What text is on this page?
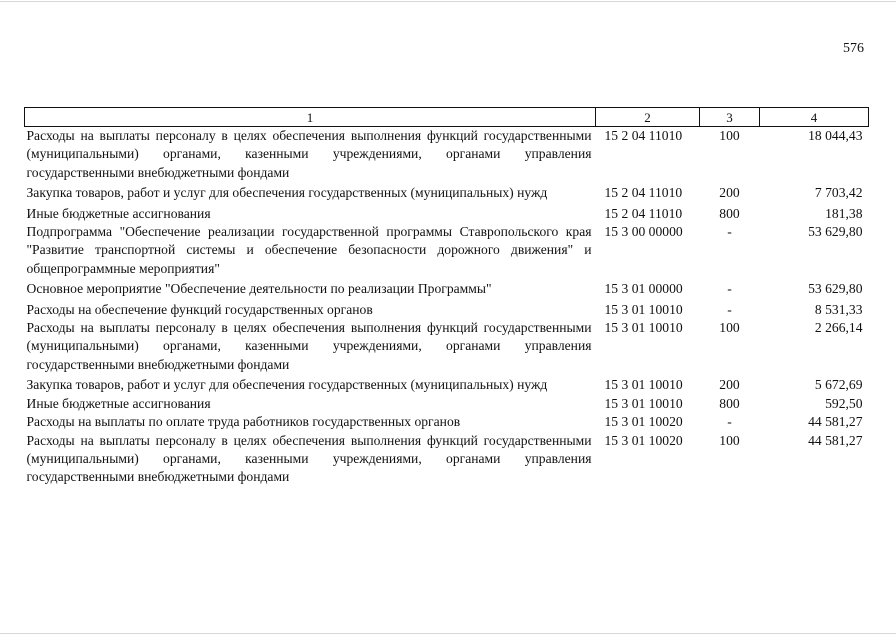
576
1	2	3	4
Расходы на выплаты персоналу в целях обеспечения выполнения функций государственными (муниципальными) органами, казенными учреждениями, органами управления государственными внебюджетными фондами	15 2 04 11010	100	18 044,43
Закупка товаров, работ и услуг для обеспечения государственных (муниципальных) нужд	15 2 04 11010	200	7 703,42
Иные бюджетные ассигнования	15 2 04 11010	800	181,38
Подпрограмма "Обеспечение реализации государственной программы Ставропольского края "Развитие транспортной системы и обеспечение безопасности дорожного движения" и общепрограммные мероприятия"	15 3 00 00000	-	53 629,80
Основное мероприятие "Обеспечение деятельности по реализации Программы"	15 3 01 00000	-	53 629,80
Расходы на обеспечение функций государственных органов	15 3 01 10010	-	8 531,33
Расходы на выплаты персоналу в целях обеспечения выполнения функций государственными (муниципальными) органами, казенными учреждениями, органами управления государственными внебюджетными фондами	15 3 01 10010	100	2 266,14
Закупка товаров, работ и услуг для обеспечения государственных (муниципальных) нужд	15 3 01 10010	200	5 672,69
Иные бюджетные ассигнования	15 3 01 10010	800	592,50
Расходы на выплаты по оплате труда работников государственных органов	15 3 01 10020	-	44 581,27
Расходы на выплаты персоналу в целях обеспечения выполнения функций государственными (муниципальными) органами, казенными учреждениями, органами управления государственными внебюджетными фондами	15 3 01 10020	100	44 581,27
